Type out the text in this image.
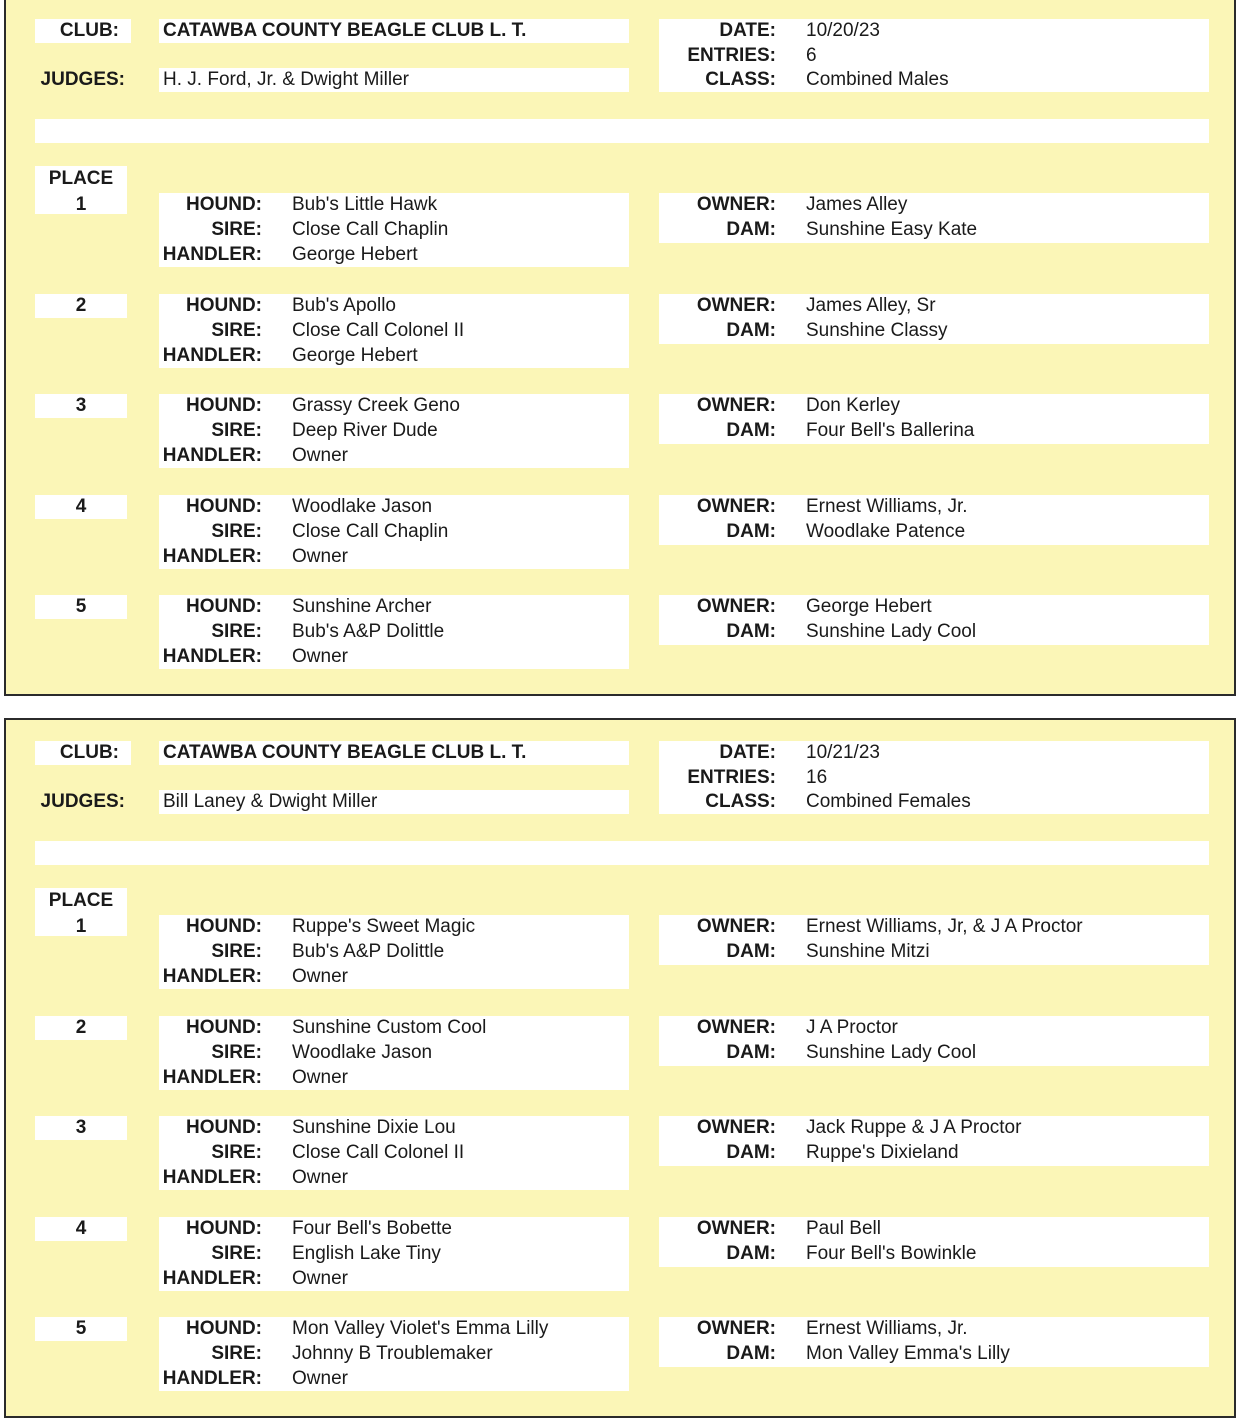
CLUB: CATAWBA COUNTY BEAGLE CLUB L. T.
JUDGES: H. J. Ford, Jr. & Dwight Miller
DATE: 10/20/23
ENTRIES: 6
CLASS: Combined Males
PLACE
1	HOUND: Bub's Little Hawk
SIRE: Close Call Chaplin
HANDLER: George Hebert
OWNER: James Alley
DAM: Sunshine Easy Kate
2	HOUND: Bub's Apollo
SIRE: Close Call Colonel II
HANDLER: George Hebert
OWNER: James Alley, Sr
DAM: Sunshine Classy
3	HOUND: Grassy Creek Geno
SIRE: Deep River Dude
HANDLER: Owner
OWNER: Don Kerley
DAM: Four Bell's Ballerina
4	HOUND: Woodlake Jason
SIRE: Close Call Chaplin
HANDLER: Owner
OWNER: Ernest Williams, Jr.
DAM: Woodlake Patence
5	HOUND: Sunshine Archer
SIRE: Bub's A&P Dolittle
HANDLER: Owner
OWNER: George Hebert
DAM: Sunshine Lady Cool
CLUB: CATAWBA COUNTY BEAGLE CLUB L. T.
JUDGES: Bill Laney & Dwight Miller
DATE: 10/21/23
ENTRIES: 16
CLASS: Combined Females
PLACE
1	HOUND: Ruppe's Sweet Magic
SIRE: Bub's A&P Dolittle
HANDLER: Owner
OWNER: Ernest Williams, Jr, & J A Proctor
DAM: Sunshine Mitzi
2	HOUND: Sunshine Custom Cool
SIRE: Woodlake Jason
HANDLER: Owner
OWNER: J A Proctor
DAM: Sunshine Lady Cool
3	HOUND: Sunshine Dixie Lou
SIRE: Close Call Colonel II
HANDLER: Owner
OWNER: Jack Ruppe & J A Proctor
DAM: Ruppe's Dixieland
4	HOUND: Four Bell's Bobette
SIRE: English Lake Tiny
HANDLER: Owner
OWNER: Paul Bell
DAM: Four Bell's Bowinkle
5	HOUND: Mon Valley Violet's Emma Lilly
SIRE: Johnny B Troublemaker
HANDLER: Owner
OWNER: Ernest Williams, Jr.
DAM: Mon Valley Emma's Lilly
